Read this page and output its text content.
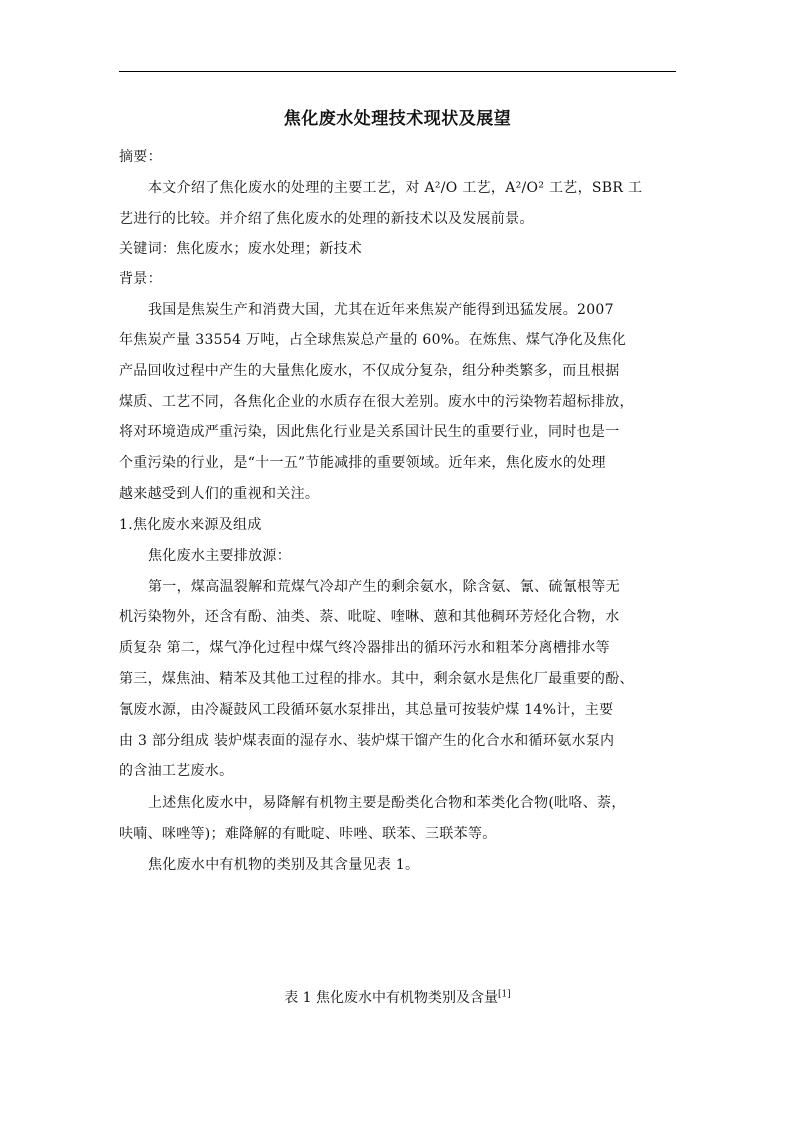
焦化废水处理技术现状及展望
摘要：
本文介绍了焦化废水的处理的主要工艺，对 A²/O 工艺，A²/O² 工艺，SBR 工
艺进行的比较。并介绍了焦化废水的处理的新技术以及发展前景。
关键词：焦化废水；废水处理；新技术
背景：
我国是焦炭生产和消费大国，尤其在近年来焦炭产能得到迅猛发展。2007
年焦炭产量 33554 万吨，占全球焦炭总产量的 60%。在炼焦、煤气净化及焦化
产品回收过程中产生的大量焦化废水，不仅成分复杂，组分种类繁多，而且根据
煤质、工艺不同，各焦化企业的水质存在很大差别。废水中的污染物若超标排放，
将对环境造成严重污染，因此焦化行业是关系国计民生的重要行业，同时也是一
个重污染的行业，是“十一五”节能减排的重要领域。近年来，焦化废水的处理
越来越受到人们的重视和关注。
1.焦化废水来源及组成
焦化废水主要排放源：
第一，煤高温裂解和荒煤气冷却产生的剩余氨水，除含氨、氰、硫氰根等无
机污染物外，还含有酚、油类、萘、吡啶、喹啉、蒽和其他稠环芳烃化合物，水
质复杂 第二，煤气净化过程中煤气终冷器排出的循环污水和粗苯分离槽排水等
第三，煤焦油、精苯及其他工过程的排水。其中，剩余氨水是焦化厂最重要的酚、
氰废水源，由冷凝鼓风工段循环氨水泵排出，其总量可按装炉煤 14%计，主要
由 3 部分组成 装炉煤表面的湿存水、装炉煤干馏产生的化合水和循环氨水泵内
的含油工艺废水。
上述焦化废水中，易降解有机物主要是酚类化合物和苯类化合物(吡咯、萘，
呋喃、咪唑等)；难降解的有毗啶、咔唑、联苯、三联苯等。
焦化废水中有机物的类别及其含量见表 1。
表 1 焦化废水中有机物类别及含量[1]
